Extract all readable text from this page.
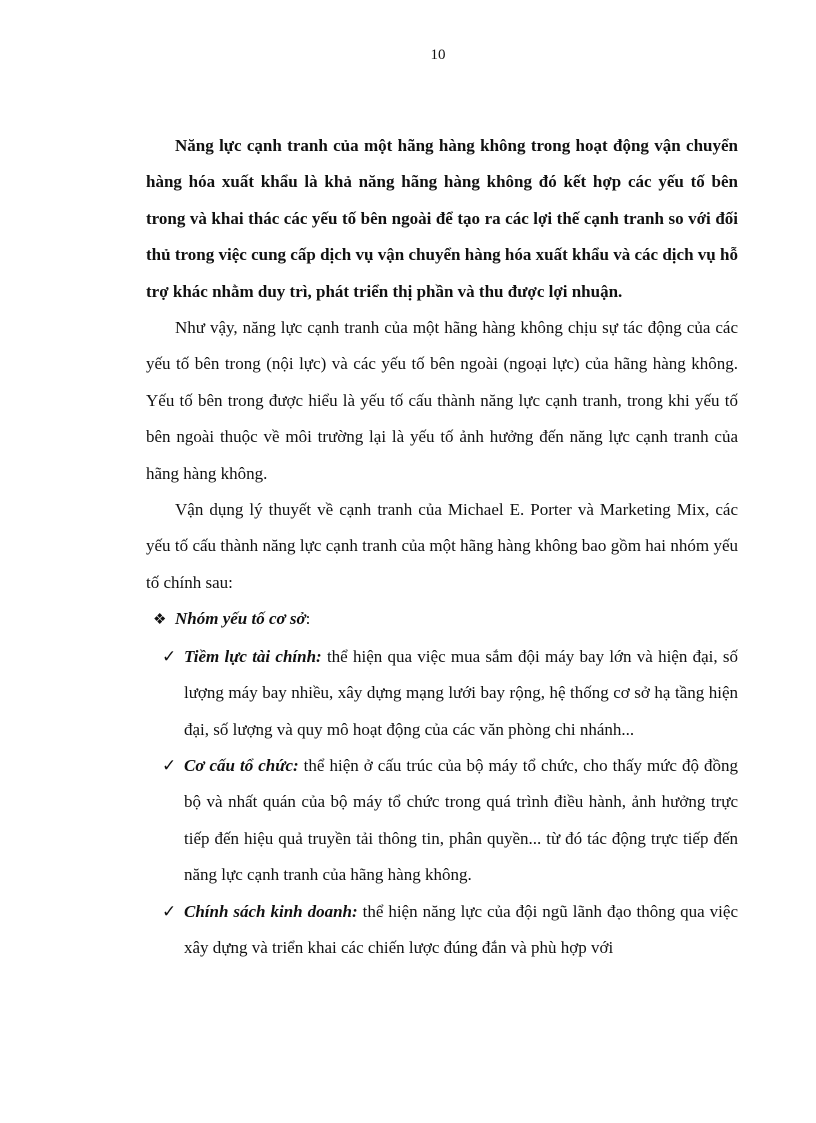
10

Năng lực cạnh tranh của một hãng hàng không trong hoạt động vận chuyển hàng hóa xuất khẩu là khả năng hãng hàng không đó kết hợp các yếu tố bên trong và khai thác các yếu tố bên ngoài để tạo ra các lợi thế cạnh tranh so với đối thủ trong việc cung cấp dịch vụ vận chuyển hàng hóa xuất khẩu và các dịch vụ hỗ trợ khác nhằm duy trì, phát triển thị phần và thu được lợi nhuận.

Như vậy, năng lực cạnh tranh của một hãng hàng không chịu sự tác động của các yếu tố bên trong (nội lực) và các yếu tố bên ngoài (ngoại lực) của hãng hàng không. Yếu tố bên trong được hiểu là yếu tố cấu thành năng lực cạnh tranh, trong khi yếu tố bên ngoài thuộc về môi trường lại là yếu tố ảnh hưởng đến năng lực cạnh tranh của hãng hàng không.

Vận dụng lý thuyết về cạnh tranh của Michael E. Porter và Marketing Mix, các yếu tố cấu thành năng lực cạnh tranh của một hãng hàng không bao gồm hai nhóm yếu tố chính sau:

❖ Nhóm yếu tố cơ sở:

✓ Tiềm lực tài chính: thể hiện qua việc mua sắm đội máy bay lớn và hiện đại, số lượng máy bay nhiều, xây dựng mạng lưới bay rộng, hệ thống cơ sở hạ tầng hiện đại, số lượng và quy mô hoạt động của các văn phòng chi nhánh...

✓ Cơ cấu tổ chức: thể hiện ở cấu trúc của bộ máy tổ chức, cho thấy mức độ đồng bộ và nhất quán của bộ máy tổ chức trong quá trình điều hành, ảnh hưởng trực tiếp đến hiệu quả truyền tải thông tin, phân quyền... từ đó tác động trực tiếp đến năng lực cạnh tranh của hãng hàng không.

✓ Chính sách kinh doanh: thể hiện năng lực của đội ngũ lãnh đạo thông qua việc xây dựng và triển khai các chiến lược đúng đắn và phù hợp với
